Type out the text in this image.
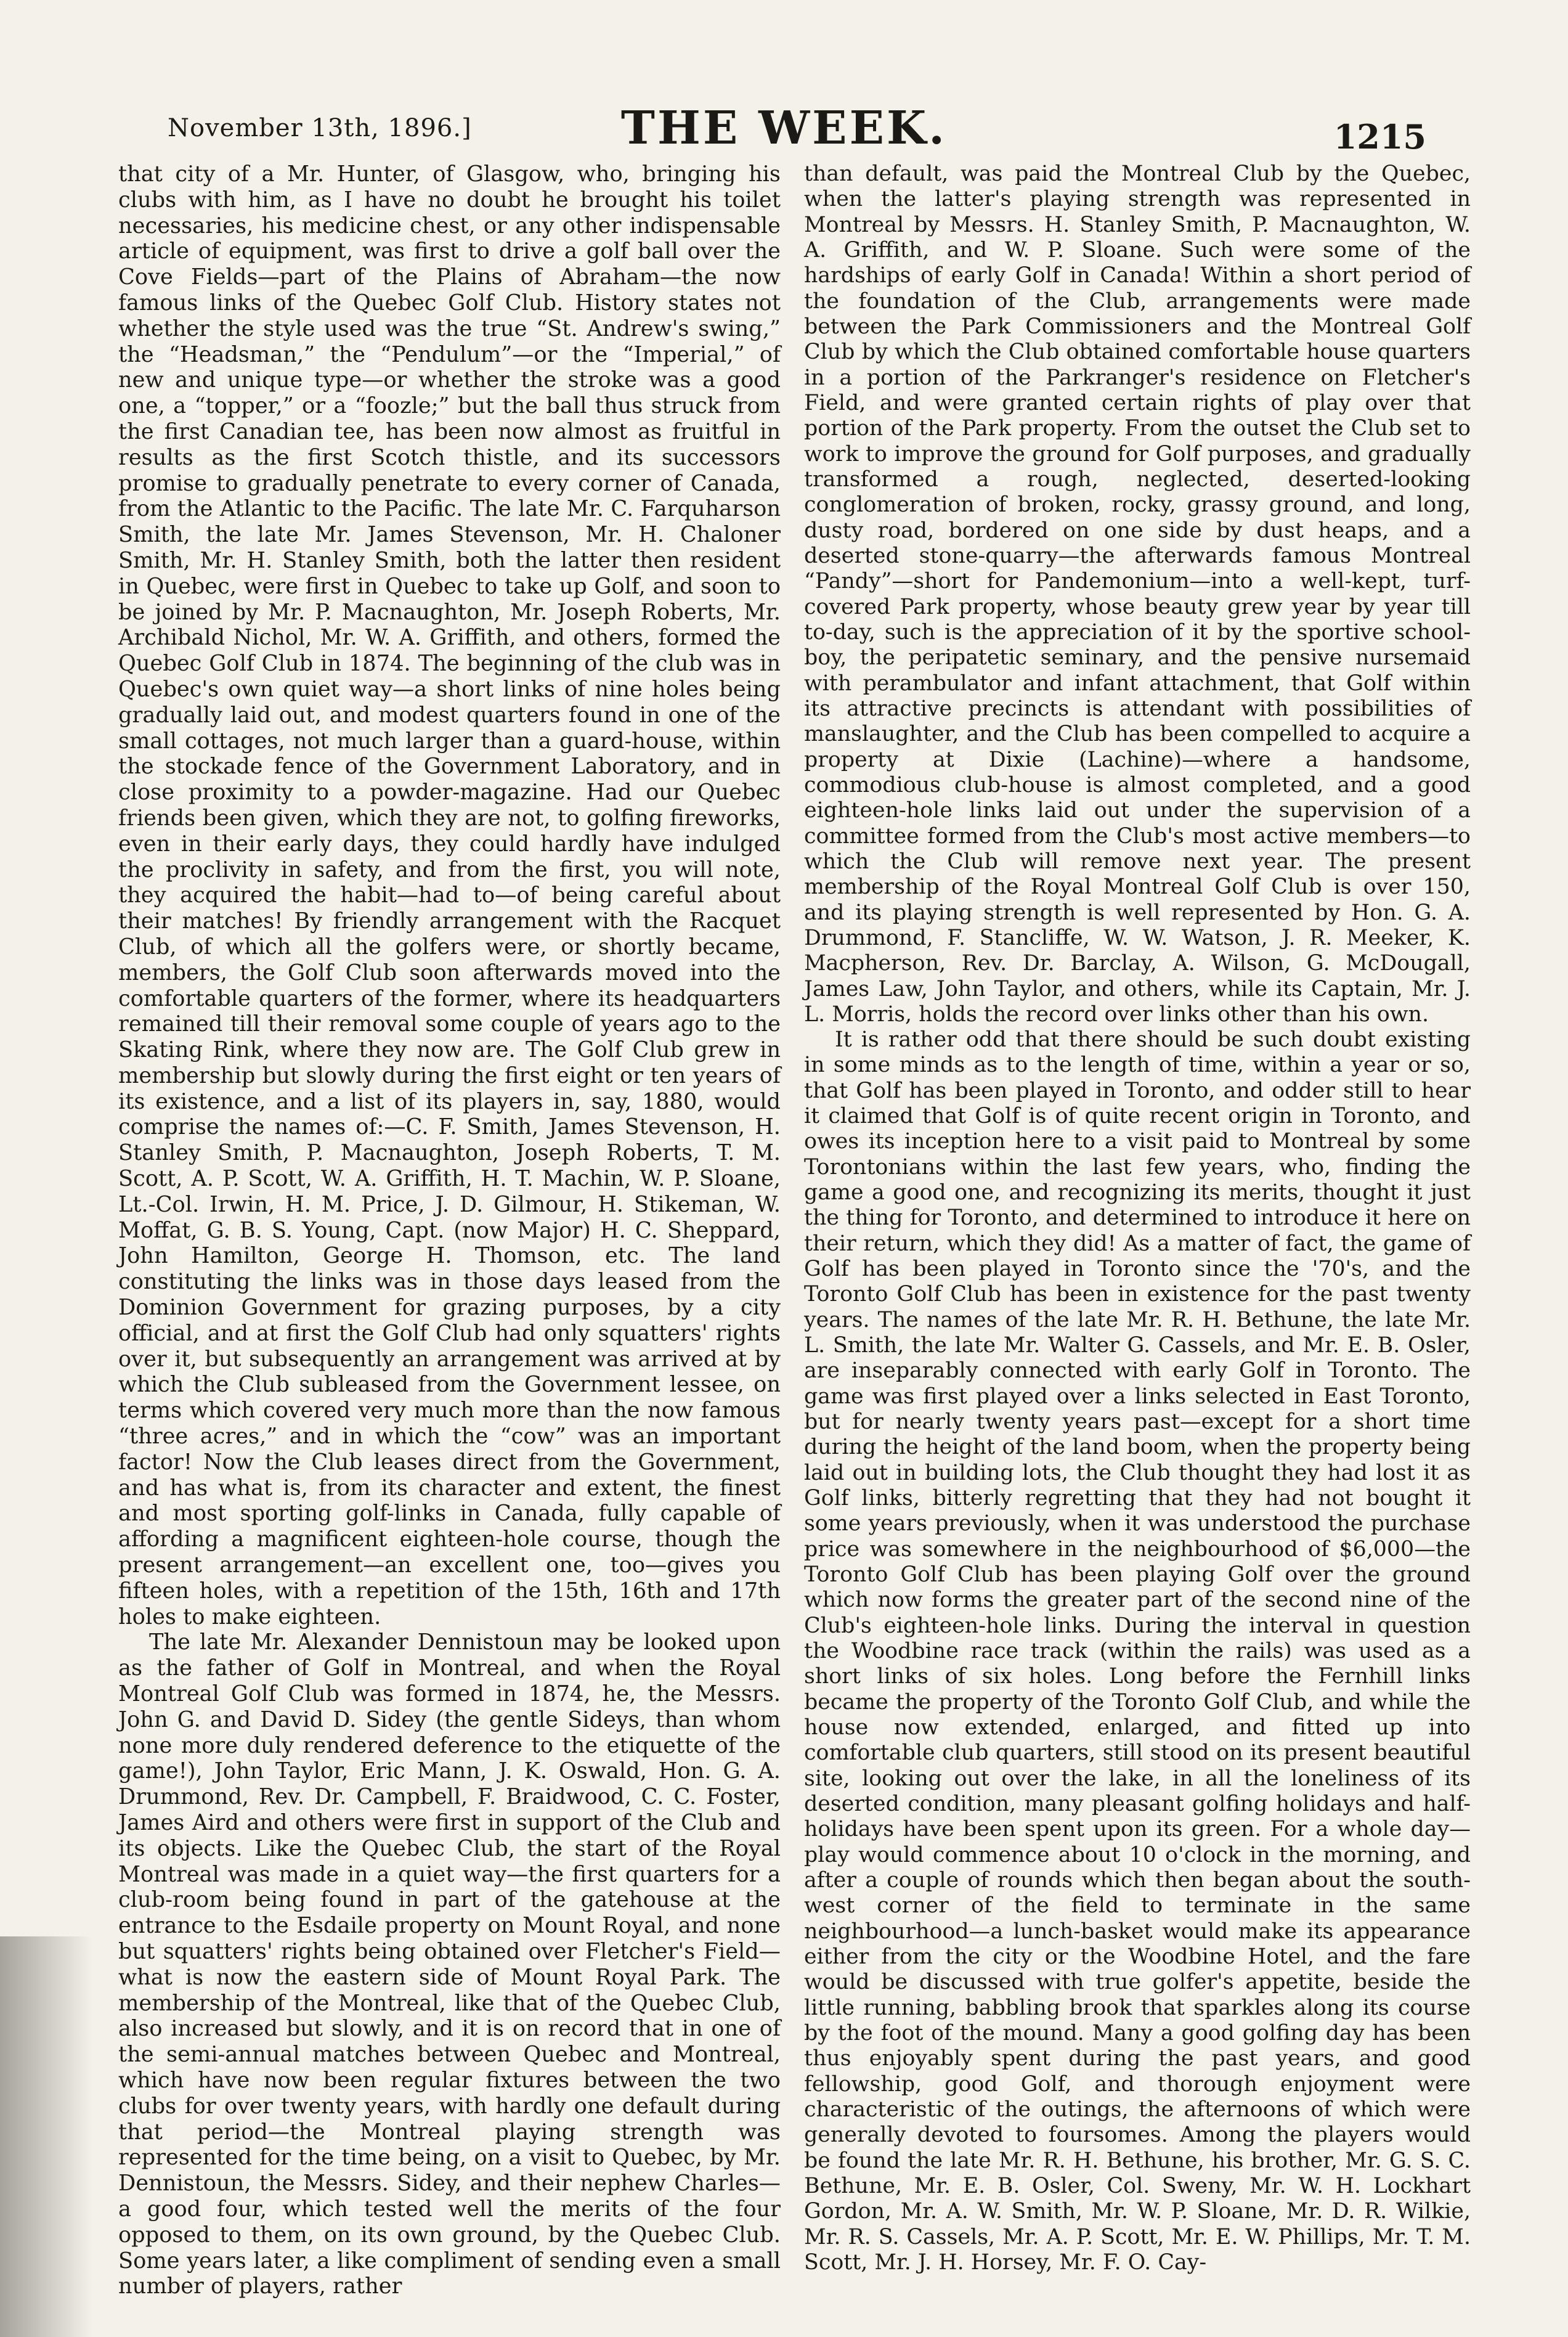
November 13th, 1896.]	THE WEEK.	1215

that city of a Mr. Hunter, of Glasgow, who, bringing his clubs with him, as I have no doubt he brought his toilet necessaries, his medicine chest, or any other indispensable article of equipment, was first to drive a golf ball over the Cove Fields—part of the Plains of Abraham—the now famous links of the Quebec Golf Club. History states not whether the style used was the true “St. Andrew's swing,” the “Headsman,” the “Pendulum”—or the “Imperial,” of new and unique type—or whether the stroke was a good one, a “topper,” or a “foozle;” but the ball thus struck from the first Canadian tee, has been now almost as fruitful in results as the first Scotch thistle, and its successors promise to gradually penetrate to every corner of Canada, from the Atlantic to the Pacific. The late Mr. C. Farquharson Smith, the late Mr. James Stevenson, Mr. H. Chaloner Smith, Mr. H. Stanley Smith, both the latter then resident in Quebec, were first in Quebec to take up Golf, and soon to be joined by Mr. P. Macnaughton, Mr. Joseph Roberts, Mr. Archibald Nichol, Mr. W. A. Griffith, and others, formed the Quebec Golf Club in 1874. The beginning of the club was in Quebec's own quiet way—a short links of nine holes being gradually laid out, and modest quarters found in one of the small cottages, not much larger than a guard-house, within the stockade fence of the Government Laboratory, and in close proximity to a powder-magazine. Had our Quebec friends been given, which they are not, to golfing fireworks, even in their early days, they could hardly have indulged the proclivity in safety, and from the first, you will note, they acquired the habit—had to—of being careful about their matches! By friendly arrangement with the Racquet Club, of which all the golfers were, or shortly became, members, the Golf Club soon afterwards moved into the comfortable quarters of the former, where its headquarters remained till their removal some couple of years ago to the Skating Rink, where they now are. The Golf Club grew in membership but slowly during the first eight or ten years of its existence, and a list of its players in, say, 1880, would comprise the names of:—C. F. Smith, James Stevenson, H. Stanley Smith, P. Macnaughton, Joseph Roberts, T. M. Scott, A. P. Scott, W. A. Griffith, H. T. Machin, W. P. Sloane, Lt.-Col. Irwin, H. M. Price, J. D. Gilmour, H. Stikeman, W. Moffat, G. B. S. Young, Capt. (now Major) H. C. Sheppard, John Hamilton, George H. Thomson, etc. The land constituting the links was in those days leased from the Dominion Government for grazing purposes, by a city official, and at first the Golf Club had only squatters' rights over it, but subsequently an arrangement was arrived at by which the Club subleased from the Government lessee, on terms which covered very much more than the now famous “three acres,” and in which the “cow” was an important factor! Now the Club leases direct from the Government, and has what is, from its character and extent, the finest and most sporting golf-links in Canada, fully capable of affording a magnificent eighteen-hole course, though the present arrangement—an excellent one, too—gives you fifteen holes, with a repetition of the 15th, 16th and 17th holes to make eighteen.

The late Mr. Alexander Dennistoun may be looked upon as the father of Golf in Montreal, and when the Royal Montreal Golf Club was formed in 1874, he, the Messrs. John G. and David D. Sidey (the gentle Sideys, than whom none more duly rendered deference to the etiquette of the game!), John Taylor, Eric Mann, J. K. Oswald, Hon. G. A. Drummond, Rev. Dr. Campbell, F. Braidwood, C. C. Foster, James Aird and others were first in support of the Club and its objects. Like the Quebec Club, the start of the Royal Montreal was made in a quiet way—the first quarters for a club-room being found in part of the gatehouse at the entrance to the Esdaile property on Mount Royal, and none but squatters' rights being obtained over Fletcher's Field—what is now the eastern side of Mount Royal Park. The membership of the Montreal, like that of the Quebec Club, also increased but slowly, and it is on record that in one of the semi-annual matches between Quebec and Montreal, which have now been regular fixtures between the two clubs for over twenty years, with hardly one default during that period—the Montreal playing strength was represented for the time being, on a visit to Quebec, by Mr. Dennistoun, the Messrs. Sidey, and their nephew Charles—a good four, which tested well the merits of the four opposed to them, on its own ground, by the Quebec Club. Some years later, a like compliment of sending even a small number of players, rather

than default, was paid the Montreal Club by the Quebec, when the latter's playing strength was represented in Montreal by Messrs. H. Stanley Smith, P. Macnaughton, W. A. Griffith, and W. P. Sloane. Such were some of the hardships of early Golf in Canada! Within a short period of the foundation of the Club, arrangements were made between the Park Commissioners and the Montreal Golf Club by which the Club obtained comfortable house quarters in a portion of the Parkranger's residence on Fletcher's Field, and were granted certain rights of play over that portion of the Park property. From the outset the Club set to work to improve the ground for Golf purposes, and gradually transformed a rough, neglected, deserted-looking conglomeration of broken, rocky, grassy ground, and long, dusty road, bordered on one side by dust heaps, and a deserted stone-quarry—the afterwards famous Montreal “Pandy”—short for Pandemonium—into a well-kept, turf-covered Park property, whose beauty grew year by year till to-day, such is the appreciation of it by the sportive school-boy, the peripatetic seminary, and the pensive nursemaid with perambulator and infant attachment, that Golf within its attractive precincts is attendant with possibilities of manslaughter, and the Club has been compelled to acquire a property at Dixie (Lachine)—where a handsome, commodious club-house is almost completed, and a good eighteen-hole links laid out under the supervision of a committee formed from the Club's most active members—to which the Club will remove next year. The present membership of the Royal Montreal Golf Club is over 150, and its playing strength is well represented by Hon. G. A. Drummond, F. Stancliffe, W. W. Watson, J. R. Meeker, K. Macpherson, Rev. Dr. Barclay, A. Wilson, G. McDougall, James Law, John Taylor, and others, while its Captain, Mr. J. L. Morris, holds the record over links other than his own.

It is rather odd that there should be such doubt existing in some minds as to the length of time, within a year or so, that Golf has been played in Toronto, and odder still to hear it claimed that Golf is of quite recent origin in Toronto, and owes its inception here to a visit paid to Montreal by some Torontonians within the last few years, who, finding the game a good one, and recognizing its merits, thought it just the thing for Toronto, and determined to introduce it here on their return, which they did! As a matter of fact, the game of Golf has been played in Toronto since the '70's, and the Toronto Golf Club has been in existence for the past twenty years. The names of the late Mr. R. H. Bethune, the late Mr. L. Smith, the late Mr. Walter G. Cassels, and Mr. E. B. Osler, are inseparably connected with early Golf in Toronto. The game was first played over a links selected in East Toronto, but for nearly twenty years past—except for a short time during the height of the land boom, when the property being laid out in building lots, the Club thought they had lost it as Golf links, bitterly regretting that they had not bought it some years previously, when it was understood the purchase price was somewhere in the neighbourhood of $6,000—the Toronto Golf Club has been playing Golf over the ground which now forms the greater part of the second nine of the Club's eighteen-hole links. During the interval in question the Woodbine race track (within the rails) was used as a short links of six holes. Long before the Fernhill links became the property of the Toronto Golf Club, and while the house now extended, enlarged, and fitted up into comfortable club quarters, still stood on its present beautiful site, looking out over the lake, in all the loneliness of its deserted condition, many pleasant golfing holidays and half-holidays have been spent upon its green. For a whole day—play would commence about 10 o'clock in the morning, and after a couple of rounds which then began about the south-west corner of the field to terminate in the same neighbourhood—a lunch-basket would make its appearance either from the city or the Woodbine Hotel, and the fare would be discussed with true golfer's appetite, beside the little running, babbling brook that sparkles along its course by the foot of the mound. Many a good golfing day has been thus enjoyably spent during the past years, and good fellowship, good Golf, and thorough enjoyment were characteristic of the outings, the afternoons of which were generally devoted to foursomes. Among the players would be found the late Mr. R. H. Bethune, his brother, Mr. G. S. C. Bethune, Mr. E. B. Osler, Col. Sweny, Mr. W. H. Lockhart Gordon, Mr. A. W. Smith, Mr. W. P. Sloane, Mr. D. R. Wilkie, Mr. R. S. Cassels, Mr. A. P. Scott, Mr. E. W. Phillips, Mr. T. M. Scott, Mr. J. H. Horsey, Mr. F. O. Cay-
